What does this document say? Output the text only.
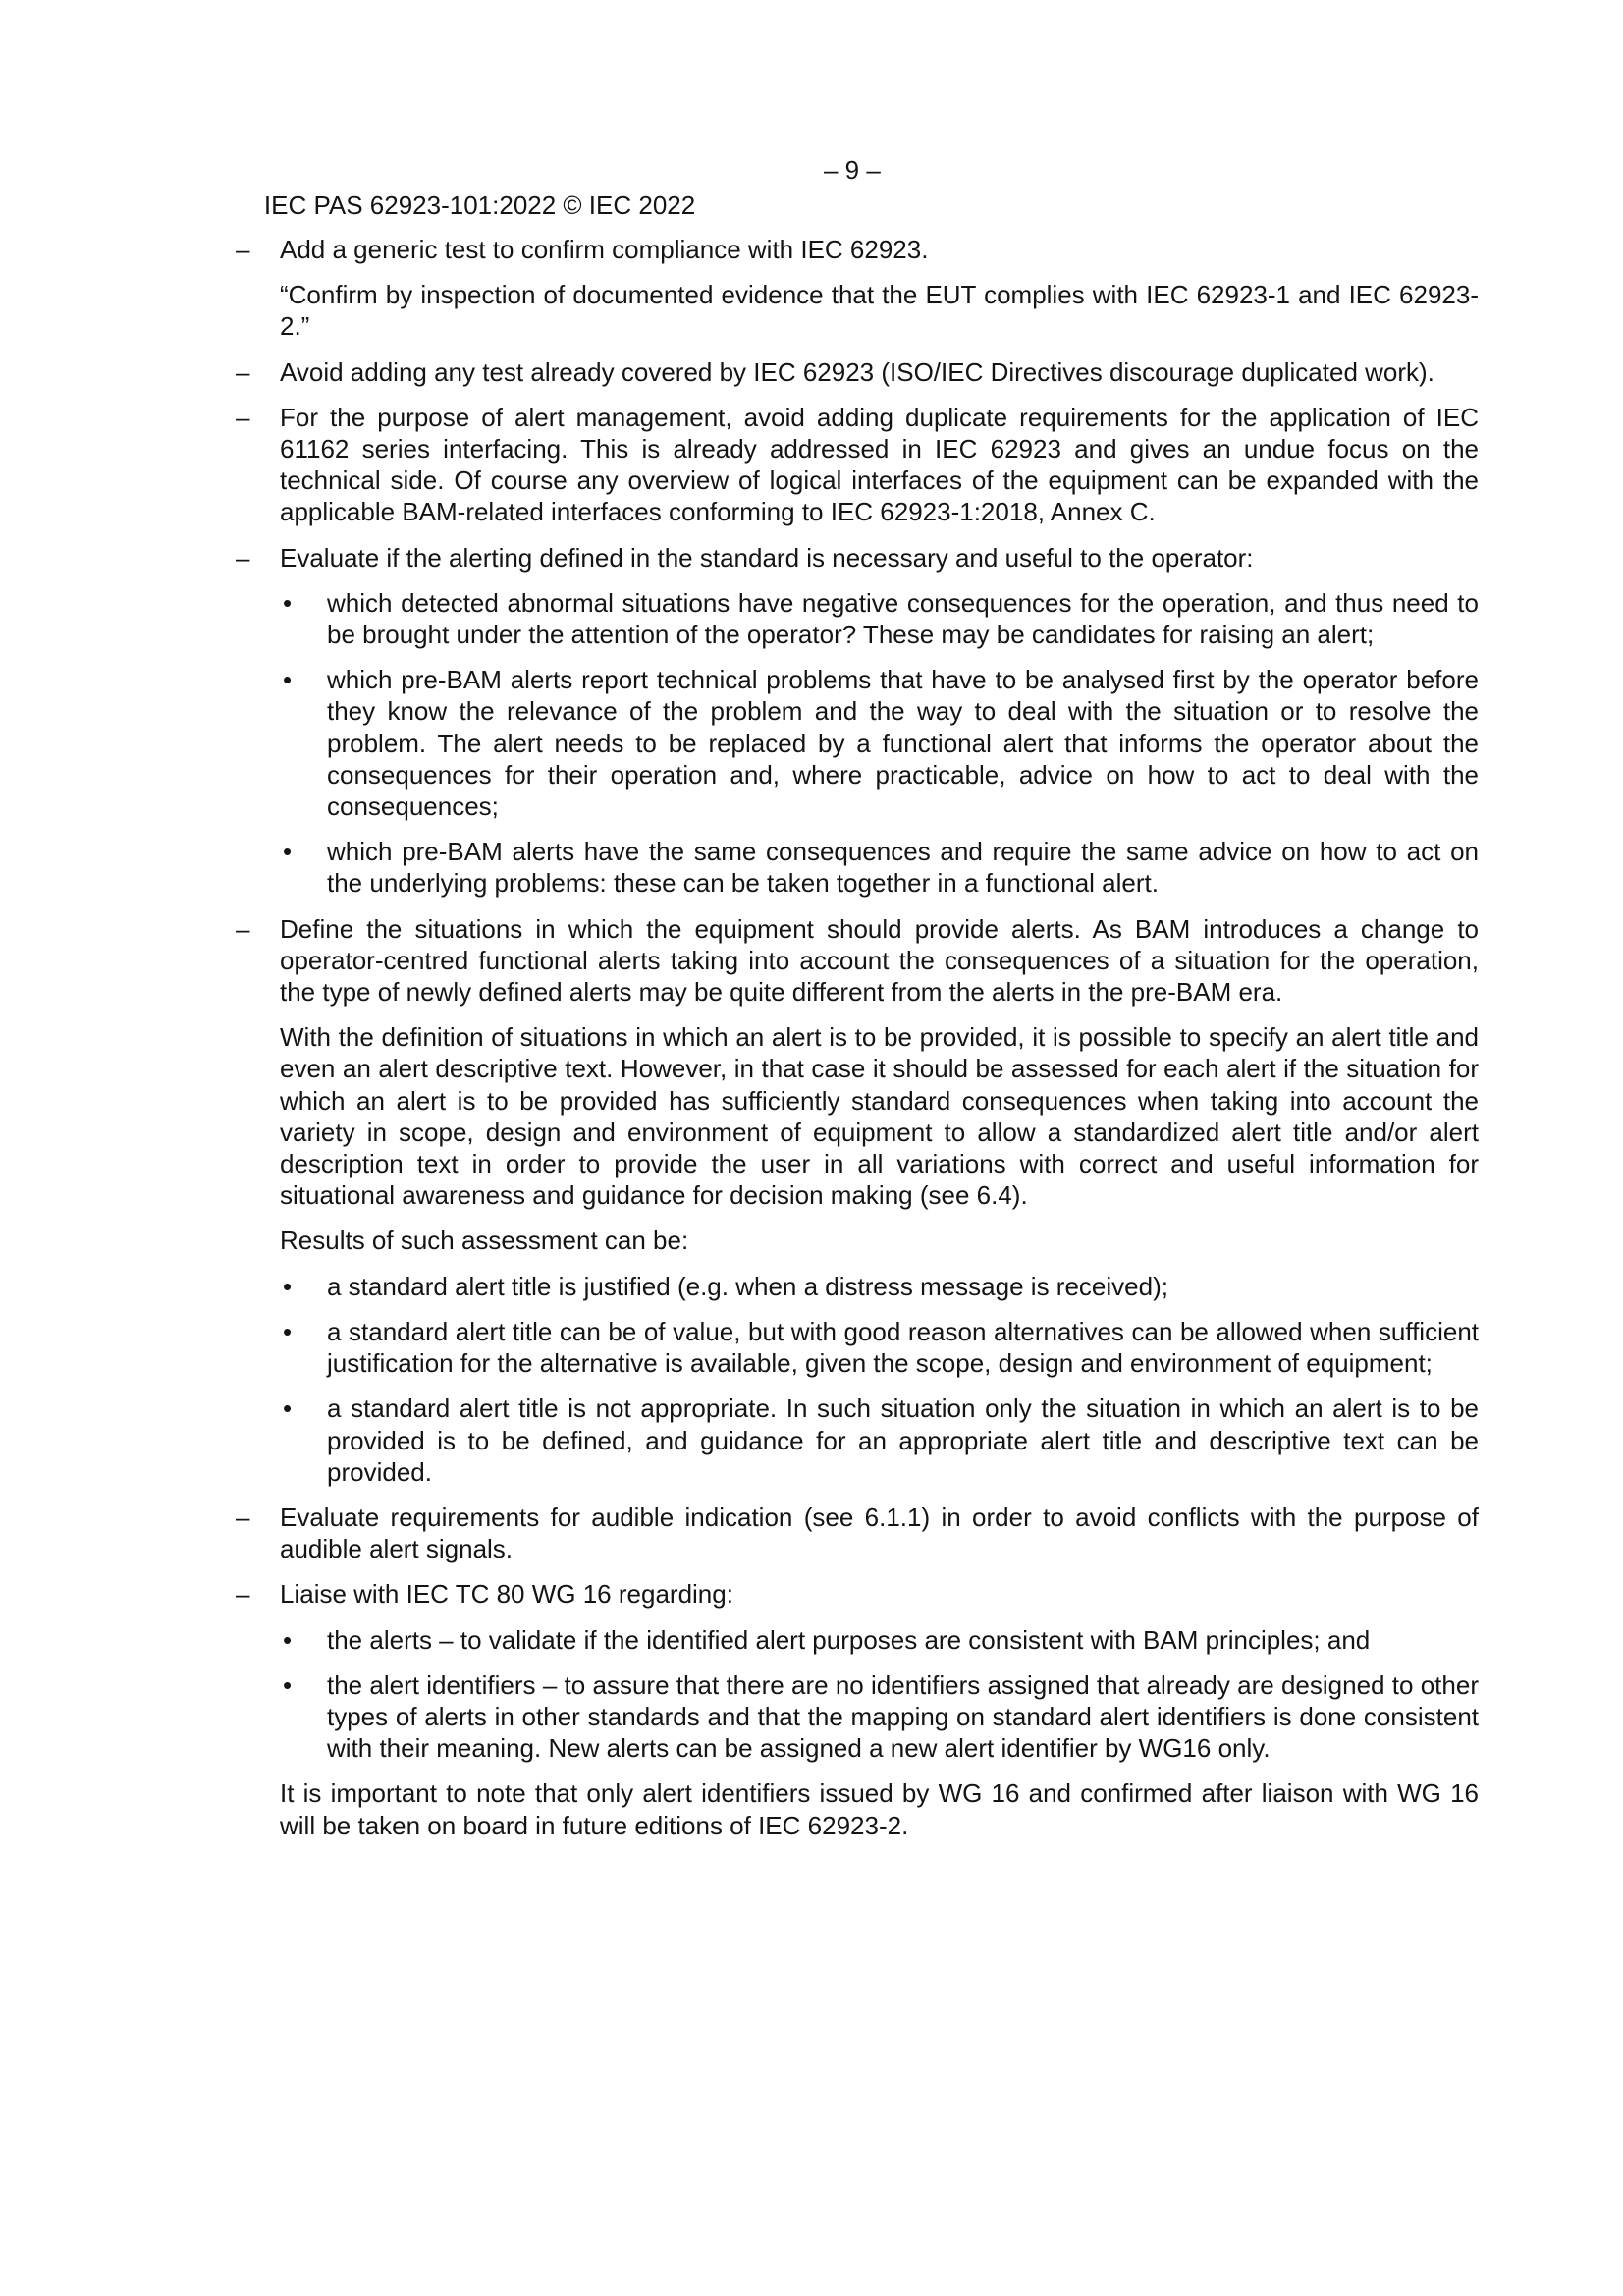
IEC PAS 62923-101:2022 © IEC 2022

– 9 –

– Add a generic test to confirm compliance with IEC 62923.
“Confirm by inspection of documented evidence that the EUT complies with IEC 62923-1 and IEC 62923-2.”
– Avoid adding any test already covered by IEC 62923 (ISO/IEC Directives discourage duplicated work).
– For the purpose of alert management, avoid adding duplicate requirements for the application of IEC 61162 series interfacing. This is already addressed in IEC 62923 and gives an undue focus on the technical side. Of course any overview of logical interfaces of the equipment can be expanded with the applicable BAM-related interfaces conforming to IEC 62923-1:2018, Annex C.
– Evaluate if the alerting defined in the standard is necessary and useful to the operator:
• which detected abnormal situations have negative consequences for the operation, and thus need to be brought under the attention of the operator? These may be candidates for raising an alert;
• which pre-BAM alerts report technical problems that have to be analysed first by the operator before they know the relevance of the problem and the way to deal with the situation or to resolve the problem. The alert needs to be replaced by a functional alert that informs the operator about the consequences for their operation and, where practicable, advice on how to act to deal with the consequences;
• which pre-BAM alerts have the same consequences and require the same advice on how to act on the underlying problems: these can be taken together in a functional alert.
– Define the situations in which the equipment should provide alerts. As BAM introduces a change to operator-centred functional alerts taking into account the consequences of a situation for the operation, the type of newly defined alerts may be quite different from the alerts in the pre-BAM era.
With the definition of situations in which an alert is to be provided, it is possible to specify an alert title and even an alert descriptive text. However, in that case it should be assessed for each alert if the situation for which an alert is to be provided has sufficiently standard consequences when taking into account the variety in scope, design and environment of equipment to allow a standardized alert title and/or alert description text in order to provide the user in all variations with correct and useful information for situational awareness and guidance for decision making (see 6.4).
Results of such assessment can be:
• a standard alert title is justified (e.g. when a distress message is received);
• a standard alert title can be of value, but with good reason alternatives can be allowed when sufficient justification for the alternative is available, given the scope, design and environment of equipment;
• a standard alert title is not appropriate. In such situation only the situation in which an alert is to be provided is to be defined, and guidance for an appropriate alert title and descriptive text can be provided.
– Evaluate requirements for audible indication (see 6.1.1) in order to avoid conflicts with the purpose of audible alert signals.
– Liaise with IEC TC 80 WG 16 regarding:
• the alerts – to validate if the identified alert purposes are consistent with BAM principles; and
• the alert identifiers – to assure that there are no identifiers assigned that already are designed to other types of alerts in other standards and that the mapping on standard alert identifiers is done consistent with their meaning. New alerts can be assigned a new alert identifier by WG16 only.
It is important to note that only alert identifiers issued by WG 16 and confirmed after liaison with WG 16 will be taken on board in future editions of IEC 62923-2.
